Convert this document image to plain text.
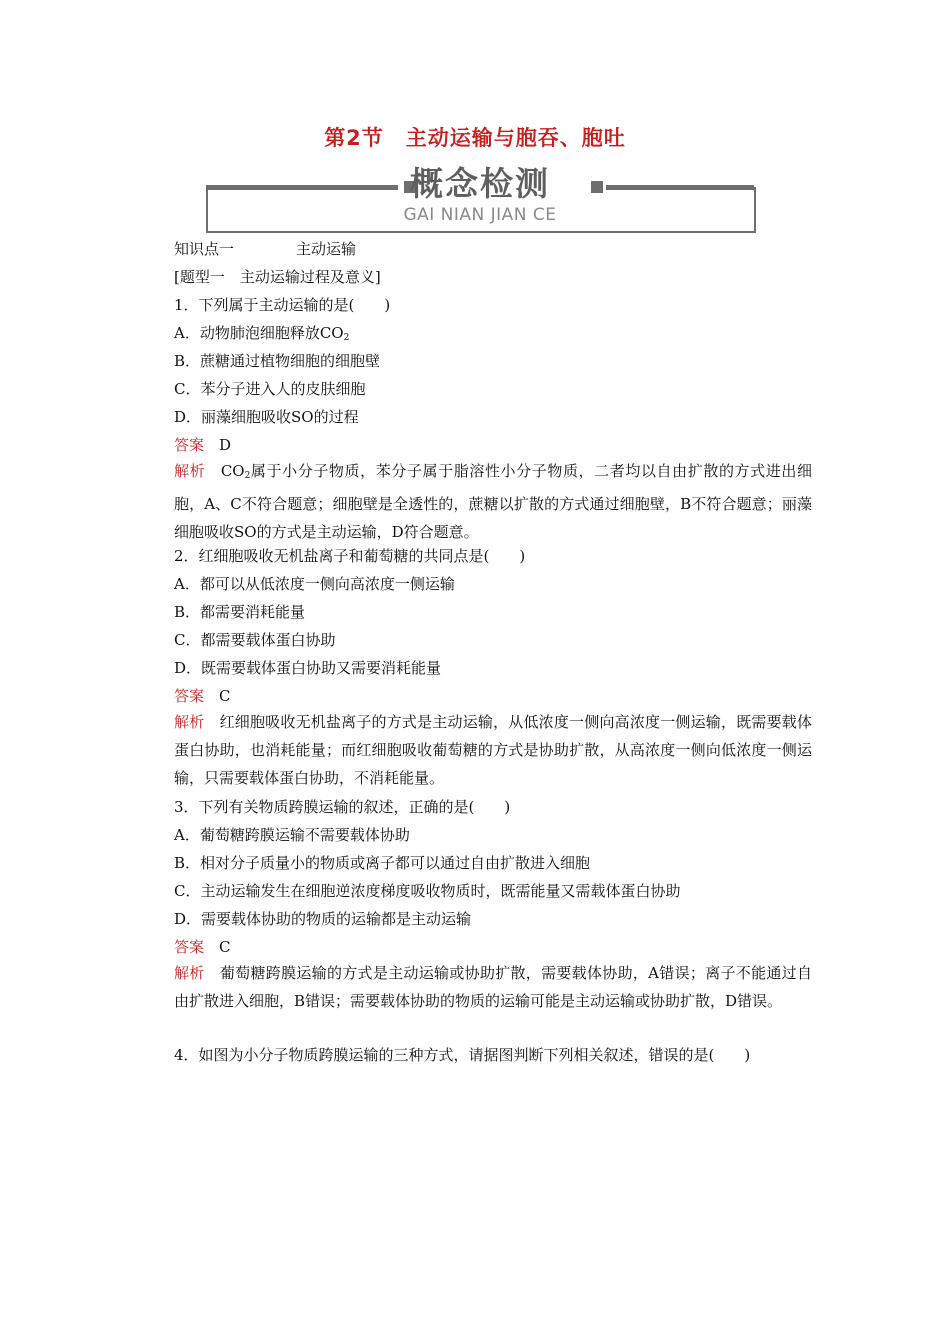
第2节　主动运输与胞吞、胞吐
概念检测
GAI NIAN JIAN CE
知识点一	主动运输
[题型一　主动运输过程及意义]
1．下列属于主动运输的是(　　)
A．动物肺泡细胞释放$CO_2$
B．蔗糖通过植物细胞的细胞壁
C．苯分子进入人的皮肤细胞
D．丽藻细胞吸收SO的过程
答案　 D
解析　 $CO_2$属于小分子物质，苯分子属于脂溶性小分子物质，二者均以自由扩散的方式进出细胞，A、C不符合题意；细胞壁是全透性的，蔗糖以扩散的方式通过细胞壁，B不符合题意；丽藻细胞吸收SO的方式是主动运输，D符合题意。
2．红细胞吸收无机盐离子和葡萄糖的共同点是(　　)
A．都可以从低浓度一侧向高浓度一侧运输
B．都需要消耗能量
C．都需要载体蛋白协助
D．既需要载体蛋白协助又需要消耗能量
答案　 C
解析　 红细胞吸收无机盐离子的方式是主动运输，从低浓度一侧向高浓度一侧运输，既需要载体蛋白协助，也消耗能量；而红细胞吸收葡萄糖的方式是协助扩散，从高浓度一侧向低浓度一侧运输，只需要载体蛋白协助，不消耗能量。
3．下列有关物质跨膜运输的叙述，正确的是(　　)
A．葡萄糖跨膜运输不需要载体协助
B．相对分子质量小的物质或离子都可以通过自由扩散进入细胞
C．主动运输发生在细胞逆浓度梯度吸收物质时，既需能量又需载体蛋白协助
D．需要载体协助的物质的运输都是主动运输
答案　 C
解析　 葡萄糖跨膜运输的方式是主动运输或协助扩散，需要载体协助，A错误；离子不能通过自由扩散进入细胞，B错误；需要载体协助的物质的运输可能是主动运输或协助扩散，D错误。
4．如图为小分子物质跨膜运输的三种方式，请据图判断下列相关叙述，错误的是(　　)
